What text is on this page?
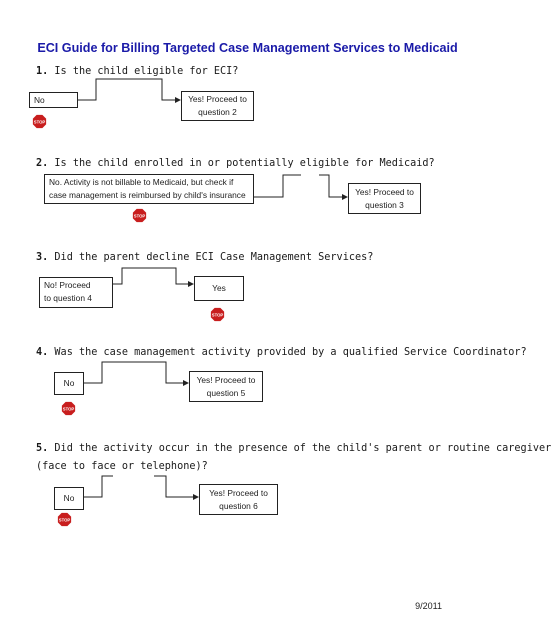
ECI Guide for Billing Targeted Case Management Services to Medicaid
1. Is the child eligible for ECI?
No	Yes! Proceed to
question 2
2. Is the child enrolled in or potentially eligible for Medicaid?
No. Activity is not billable to Medicaid, but check if
case management is reimbursed by child's insurance	Yes! Proceed to
question 3
3. Did the parent decline ECI Case Management Services?
No! Proceed
to question 4
Yes
4. Was the case management activity provided by a qualified Service Coordinator?
No	Yes! Proceed to
question 5
5. Did the activity occur in the presence of the child's parent or routine caregiver
(face to face or telephone)?
No
Yes! Proceed to
question 6
STOP
STOP
STOP
STOP
STOP
9/2011
